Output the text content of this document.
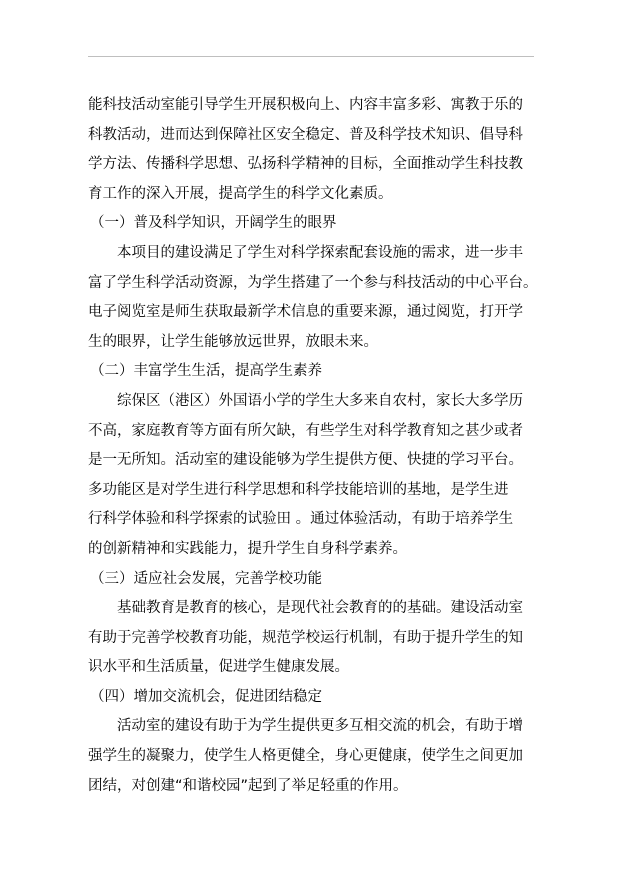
能科技活动室能引导学生开展积极向上、内容丰富多彩、寓教于乐的
科教活动，进而达到保障社区安全稳定、普及科学技术知识、倡导科
学方法、传播科学思想、弘扬科学精神的目标，全面推动学生科技教
育工作的深入开展，提高学生的科学文化素质。
（一）普及科学知识，开阔学生的眼界
本项目的建设满足了学生对科学探索配套设施的需求，进一步丰
富了学生科学活动资源，为学生搭建了一个参与科技活动的中心平台。
电子阅览室是师生获取最新学术信息的重要来源，通过阅览，打开学
生的眼界，让学生能够放远世界，放眼未来。
（二）丰富学生生活，提高学生素养
综保区（港区）外国语小学的学生大多来自农村，家长大多学历
不高，家庭教育等方面有所欠缺，有些学生对科学教育知之甚少或者
是一无所知。活动室的建设能够为学生提供方便、快捷的学习平台。
多功能区是对学生进行科学思想和科学技能培训的基地，是学生进
行科学体验和科学探索的试验田 。通过体验活动，有助于培养学生
的创新精神和实践能力，提升学生自身科学素养。
（三）适应社会发展，完善学校功能
基础教育是教育的核心，是现代社会教育的的基础。建设活动室
有助于完善学校教育功能，规范学校运行机制，有助于提升学生的知
识水平和生活质量，促进学生健康发展。
（四）增加交流机会，促进团结稳定
活动室的建设有助于为学生提供更多互相交流的机会，有助于增
强学生的凝聚力，使学生人格更健全，身心更健康，使学生之间更加
团结，对创建“和谐校园”起到了举足轻重的作用。
